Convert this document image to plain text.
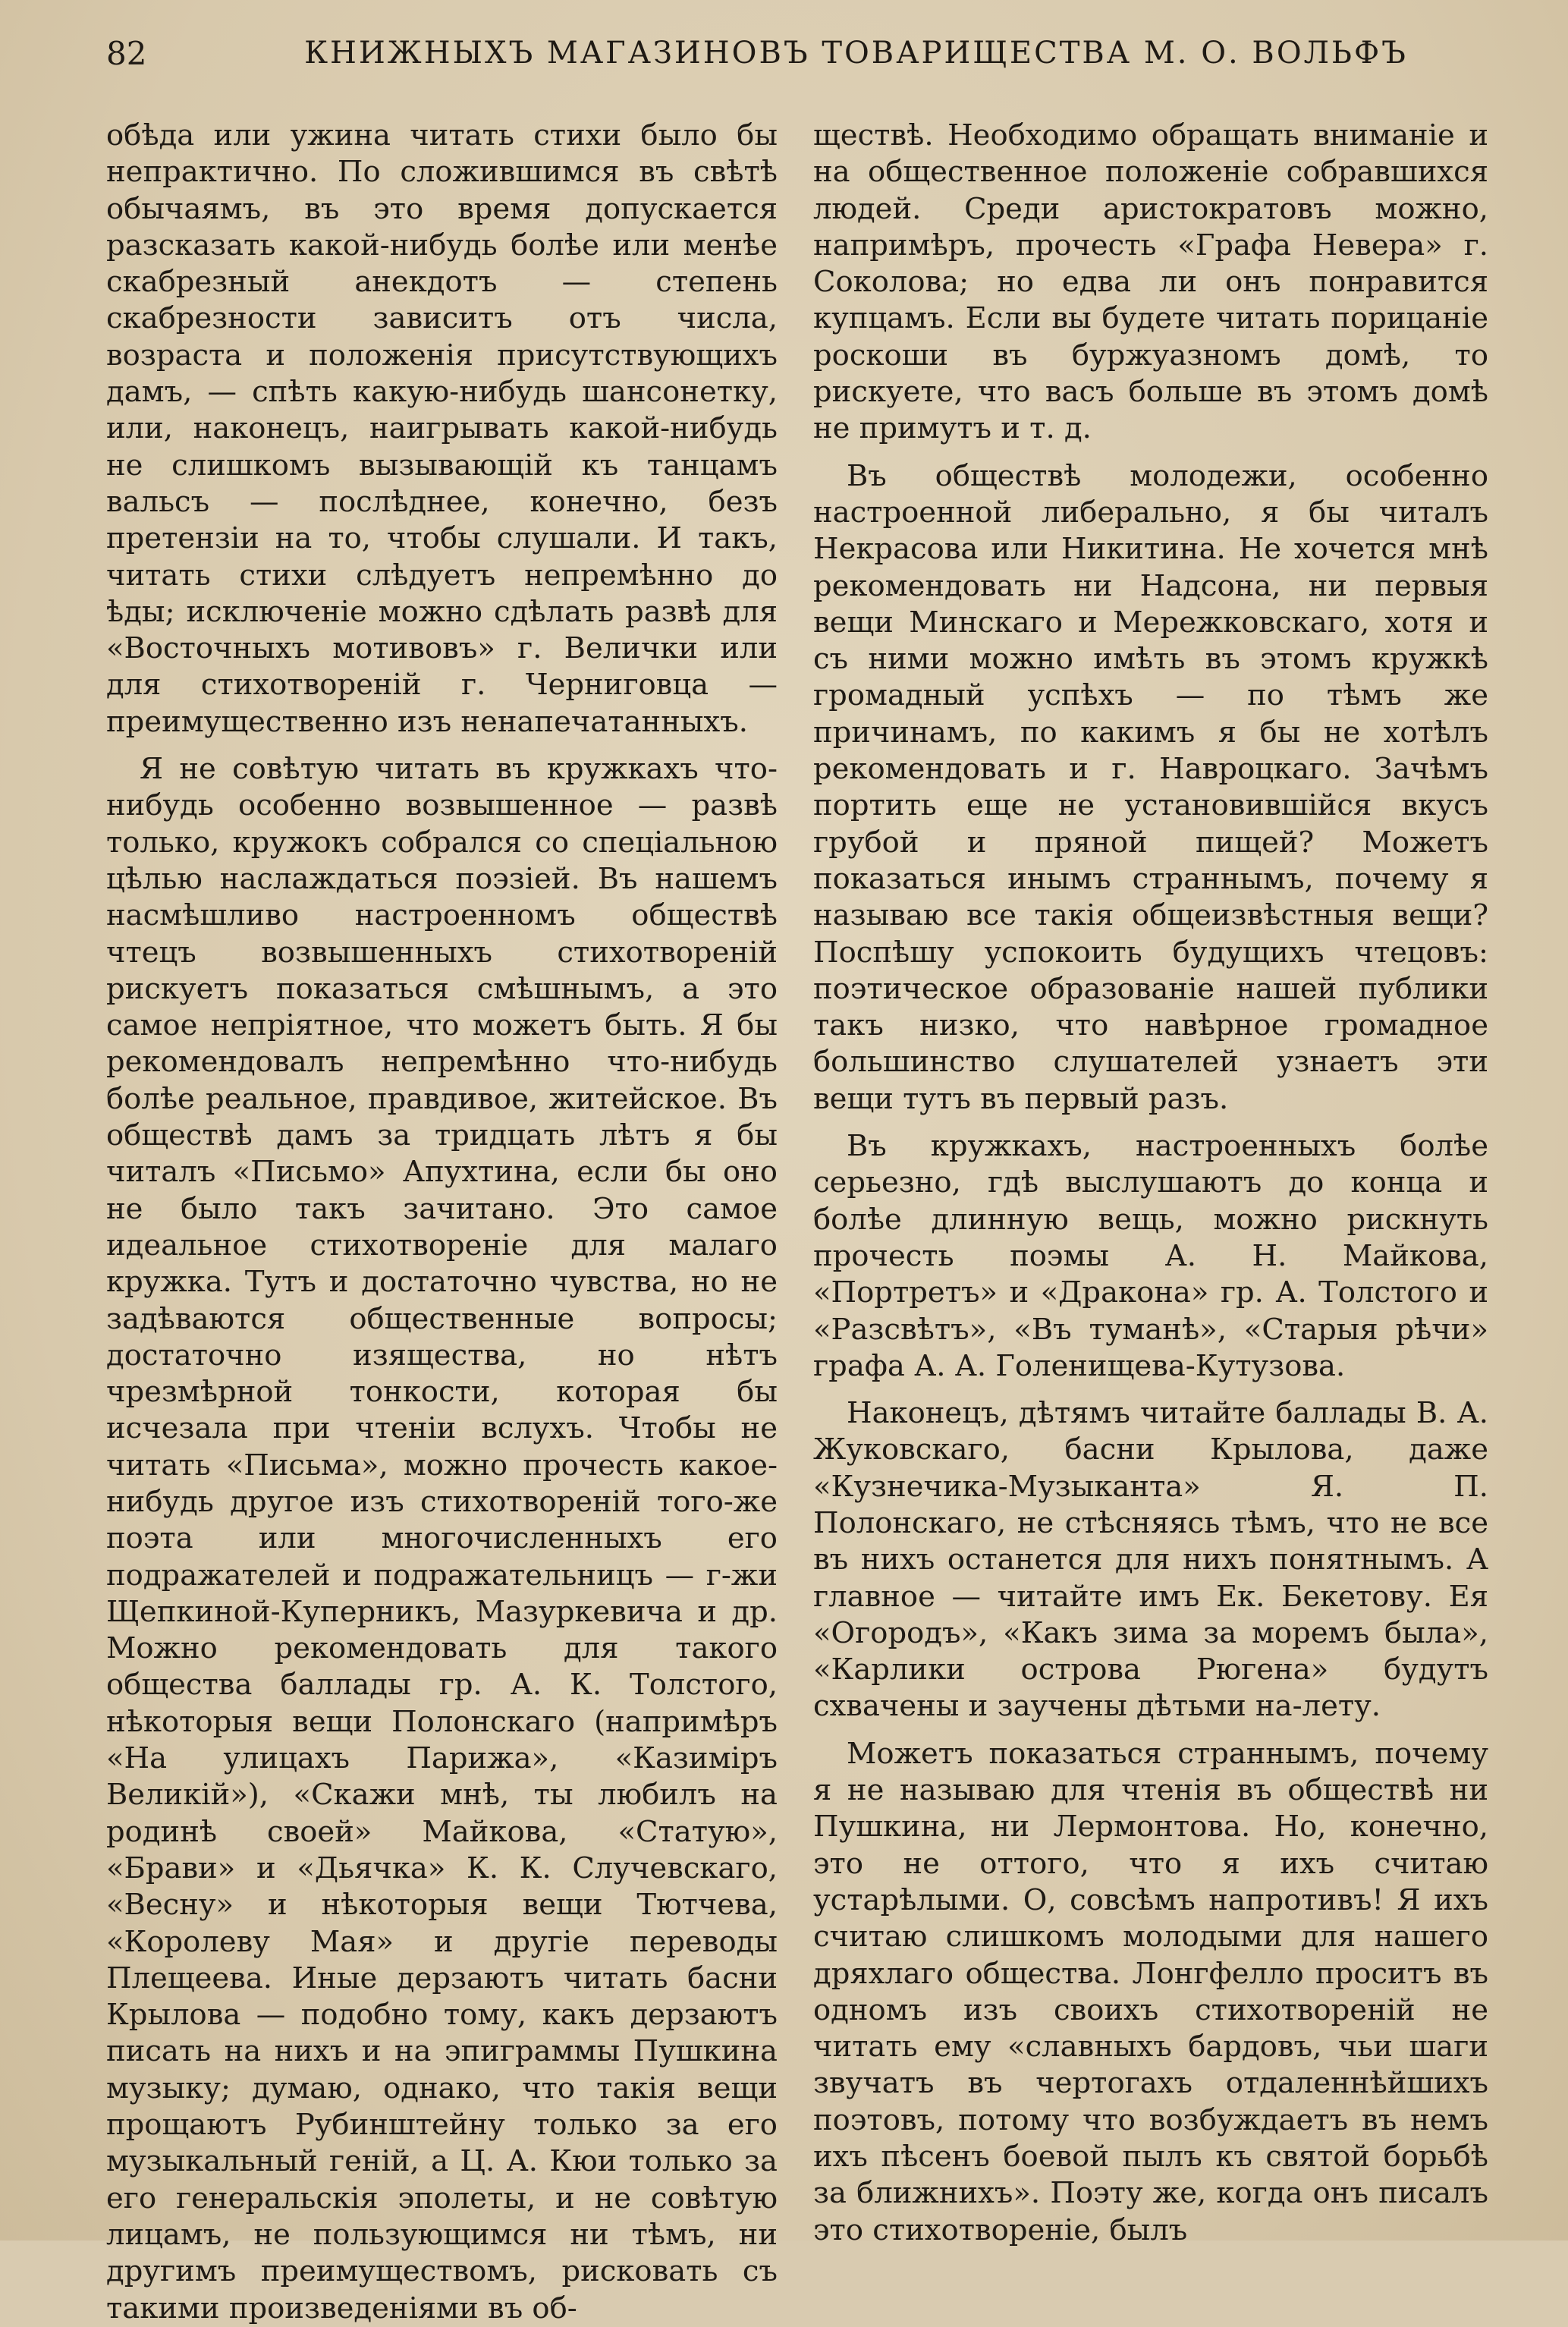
82	КНИЖНЫХЪ МАГАЗИНОВЪ ТОВАРИЩЕСТВА М. О. ВОЛЬФЪ

обѣда или ужина читать стихи было бы непрактично. По сложившимся въ свѣтѣ обычаямъ, въ это время допускается разсказать какой-нибудь болѣе или менѣе скабрезный анекдотъ — степень скабрезности зависитъ отъ числа, возраста и положенія присутствующихъ дамъ, — спѣть какую-нибудь шансонетку, или, наконецъ, наигрывать какой-нибудь не слишкомъ вызывающій къ танцамъ вальсъ — послѣднее, конечно, безъ претензіи на то, чтобы слушали. И такъ, читать стихи слѣдуетъ непремѣнно до ѣды; исключеніе можно сдѣлать развѣ для «Восточныхъ мотивовъ» г. Велички или для стихотвореній г. Черниговца — преимущественно изъ ненапечатанныхъ.

Я не совѣтую читать въ кружкахъ что-нибудь особенно возвышенное — развѣ только, кружокъ собрался со спеціальною цѣлью наслаждаться поэзіей. Въ нашемъ насмѣшливо настроенномъ обществѣ чтецъ возвышенныхъ стихотвореній рискуетъ показаться смѣшнымъ, а это самое непріятное, что можетъ быть. Я бы рекомендовалъ непремѣнно что-нибудь болѣе реальное, правдивое, житейское. Въ обществѣ дамъ за тридцать лѣтъ я бы читалъ «Письмо» Апухтина, если бы оно не было такъ зачитано. Это самое идеальное стихотвореніе для малаго кружка. Тутъ и достаточно чувства, но не задѣваются общественные вопросы; достаточно изящества, но нѣтъ чрезмѣрной тонкости, которая бы исчезала при чтеніи вслухъ. Чтобы не читать «Письма», можно прочесть какое-нибудь другое изъ стихотвореній того-же поэта или многочисленныхъ его подражателей и подражательницъ — г-жи Щепкиной-Куперникъ, Мазуркевича и др. Можно рекомендовать для такого общества баллады гр. А. К. Толстого, нѣкоторыя вещи Полонскаго (напримѣръ «На улицахъ Парижа», «Казиміръ Великій»), «Скажи мнѣ, ты любилъ на родинѣ своей» Майкова, «Статую», «Брави» и «Дьячка» К. К. Случевскаго, «Весну» и нѣкоторыя вещи Тютчева, «Королеву Мая» и другіе переводы Плещеева. Иные дерзаютъ читать басни Крылова — подобно тому, какъ дерзаютъ писать на нихъ и на эпиграммы Пушкина музыку; думаю, однако, что такія вещи прощаютъ Рубинштейну только за его музыкальный геній, а Ц. А. Кюи только за его генеральскія эполеты, и не совѣтую лицамъ, не пользующимся ни тѣмъ, ни другимъ преимуществомъ, рисковать съ такими произведеніями въ об-

ществѣ. Необходимо обращать вниманіе и на общественное положеніе собравшихся людей. Среди аристократовъ можно, напримѣръ, прочесть «Графа Невера» г. Соколова; но едва ли онъ понравится купцамъ. Если вы будете читать порицаніе роскоши въ буржуазномъ домѣ, то рискуете, что васъ больше въ этомъ домѣ не примутъ и т. д.

Въ обществѣ молодежи, особенно настроенной либерально, я бы читалъ Некрасова или Никитина. Не хочется мнѣ рекомендовать ни Надсона, ни первыя вещи Минскаго и Мережковскаго, хотя и съ ними можно имѣть въ этомъ кружкѣ громадный успѣхъ — по тѣмъ же причинамъ, по какимъ я бы не хотѣлъ рекомендовать и г. Навроцкаго. Зачѣмъ портить еще не установившійся вкусъ грубой и пряной пищей? Можетъ показаться инымъ страннымъ, почему я называю все такія общеизвѣстныя вещи? Поспѣшу успокоить будущихъ чтецовъ: поэтическое образованіе нашей публики такъ низко, что навѣрное громадное большинство слушателей узнаетъ эти вещи тутъ въ первый разъ.

Въ кружкахъ, настроенныхъ болѣе серьезно, гдѣ выслушаютъ до конца и болѣе длинную вещь, можно рискнуть прочесть поэмы А. Н. Майкова, «Портретъ» и «Дракона» гр. А. Толстого и «Разсвѣтъ», «Въ туманѣ», «Старыя рѣчи» графа А. А. Голенищева-Кутузова.

Наконецъ, дѣтямъ читайте баллады В. А. Жуковскаго, басни Крылова, даже «Кузнечика-Музыканта» Я. П. Полонскаго, не стѣсняясь тѣмъ, что не все въ нихъ останется для нихъ понятнымъ. А главное — читайте имъ Ек. Бекетову. Ея «Огородъ», «Какъ зима за моремъ была», «Карлики острова Рюгена» будутъ схвачены и заучены дѣтьми на-лету.

Можетъ показаться страннымъ, почему я не называю для чтенія въ обществѣ ни Пушкина, ни Лермонтова. Но, конечно, это не оттого, что я ихъ считаю устарѣлыми. О, совсѣмъ напротивъ! Я ихъ считаю слишкомъ молодыми для нашего дряхлаго общества. Лонгфелло проситъ въ одномъ изъ своихъ стихотвореній не читать ему «славныхъ бардовъ, чьи шаги звучатъ въ чертогахъ отдаленнѣйшихъ поэтовъ, потому что возбуждаетъ въ немъ ихъ пѣсенъ боевой пылъ къ святой борьбѣ за ближнихъ». Поэту же, когда онъ писалъ это стихотвореніе, былъ
